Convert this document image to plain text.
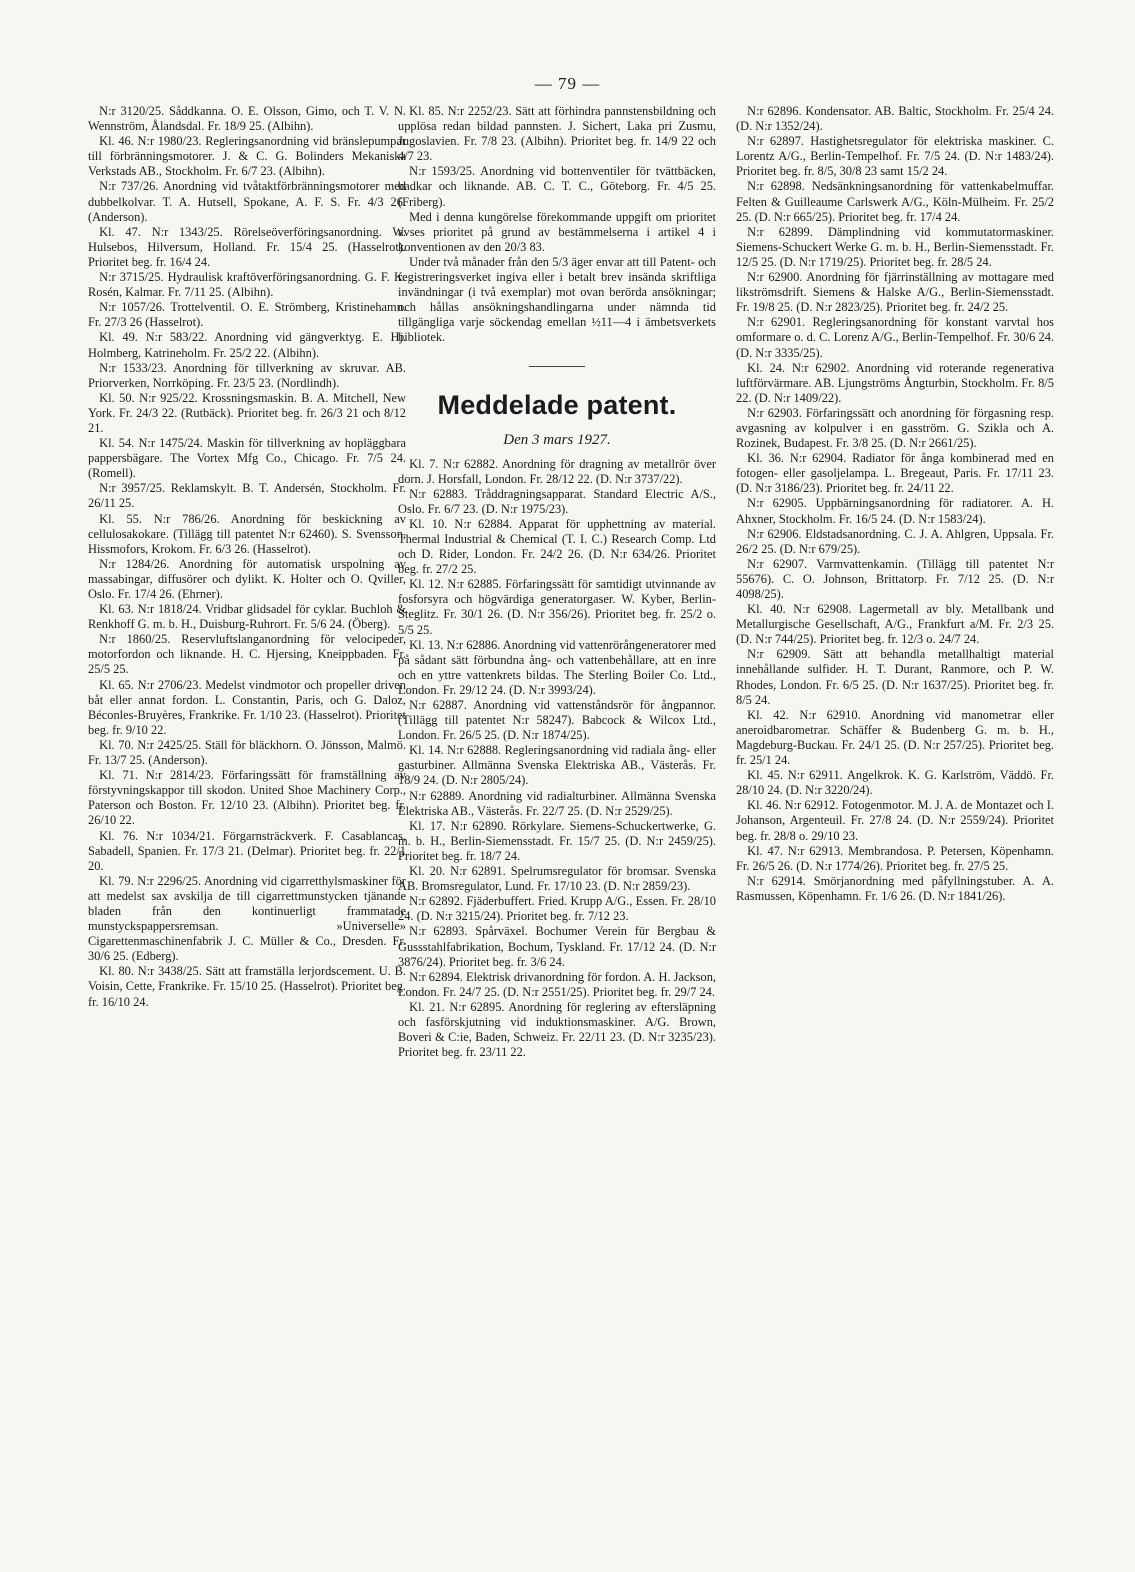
— 79 —

N:r 3120/25. Såddkanna. O. E. Olsson, Gimo, och T. V. N. Wennström, Ålandsdal. Fr. 18/9 25. (Albihn).

Kl. 46. N:r 1980/23. Regleringsanordning vid bränslepumpar till förbränningsmotorer. J. & C. G. Bolinders Mekaniska Verkstads AB., Stockholm. Fr. 6/7 23. (Albihn).

N:r 737/26. Anordning vid tvåtaktförbränningsmotorer med dubbelkolvar. T. A. Hutsell, Spokane, A. F. S. Fr. 4/3 26. (Anderson).

Kl. 47. N:r 1343/25. Rörelseöverföringsanordning. W. Hulsebos, Hilversum, Holland. Fr. 15/4 25. (Hasselrot). Prioritet beg. fr. 16/4 24.

N:r 3715/25. Hydraulisk kraftöverföringsanordning. G. F. K. Rosén, Kalmar. Fr. 7/11 25. (Albihn).

N:r 1057/26. Trottelventil. O. E. Strömberg, Kristinehamn. Fr. 27/3 26 (Hasselrot).

Kl. 49. N:r 583/22. Anordning vid gängverktyg. E. Hj. Holmberg, Katrineholm. Fr. 25/2 22. (Albihn).

N:r 1533/23. Anordning för tillverkning av skruvar. AB. Priorverken, Norrköping. Fr. 23/5 23. (Nordlindh).

Kl. 50. N:r 925/22. Krossningsmaskin. B. A. Mitchell, New York. Fr. 24/3 22. (Rutbäck). Prioritet beg. fr. 26/3 21 och 8/12 21.

Kl. 54. N:r 1475/24. Maskin för tillverkning av hopläggbara pappersbägare. The Vortex Mfg Co., Chicago. Fr. 7/5 24. (Romell).

N:r 3957/25. Reklamskylt. B. T. Andersén, Stockholm. Fr. 26/11 25.

Kl. 55. N:r 786/26. Anordning för beskickning av cellulosakokare. (Tillägg till patentet N:r 62460). S. Svensson, Hissmofors, Krokom. Fr. 6/3 26. (Hasselrot).

N:r 1284/26. Anordning för automatisk urspolning av massabingar, diffusörer och dylikt. K. Holter och O. Qviller, Oslo. Fr. 17/4 26. (Ehrner).

Kl. 63. N:r 1818/24. Vridbar glidsadel för cyklar. Buchloh & Renkhoff G. m. b. H., Duisburg-Ruhrort. Fr. 5/6 24. (Öberg).

N:r 1860/25. Reservluftslanganordning för velocipeder, motorfordon och liknande. H. C. Hjersing, Kneippbaden. Fr. 25/5 25.

Kl. 65. N:r 2706/23. Medelst vindmotor och propeller driven båt eller annat fordon. L. Constantin, Paris, och G. Daloz, Béconles-Bruyères, Frankrike. Fr. 1/10 23. (Hasselrot). Prioritet beg. fr. 9/10 22.

Kl. 70. N:r 2425/25. Ställ för bläckhorn. O. Jönsson, Malmö. Fr. 13/7 25. (Anderson).

Kl. 71. N:r 2814/23. Förfaringssätt för framställning av förstyvningskappor till skodon. United Shoe Machinery Corp., Paterson och Boston. Fr. 12/10 23. (Albihn). Prioritet beg. fr. 26/10 22.

Kl. 76. N:r 1034/21. Förgarnsträckverk. F. Casablancas, Sabadell, Spanien. Fr. 17/3 21. (Delmar). Prioritet beg. fr. 22/1 20.

Kl. 79. N:r 2296/25. Anordning vid cigarretthylsmaskiner för att medelst sax avskilja de till cigarrettmunstycken tjänande bladen från den kontinuerligt frammatade munstyckspappersremsan. »Universelle» Cigarettenmaschinenfabrik J. C. Müller & Co., Dresden. Fr. 30/6 25. (Edberg).

Kl. 80. N:r 3438/25. Sätt att framställa lerjordscement. U. B. Voisin, Cette, Frankrike. Fr. 15/10 25. (Hasselrot). Prioritet beg. fr. 16/10 24.

Kl. 85. N:r 2252/23. Sätt att förhindra pannstensbildning och upplösa redan bildad pannsten. J. Sichert, Laka pri Zusmu, Jugoslavien. Fr. 7/8 23. (Albihn). Prioritet beg. fr. 14/9 22 och 4/7 23.

N:r 1593/25. Anordning vid bottenventiler för tvättbäcken, badkar och liknande. AB. C. T. C., Göteborg. Fr. 4/5 25. (Friberg).

Med i denna kungörelse förekommande uppgift om prioritet avses prioritet på grund av bestämmelserna i artikel 4 i konventionen av den 20/3 83.

Under två månader från den 5/3 äger envar att till Patent- och registreringsverket ingiva eller i betalt brev insända skriftliga invändningar (i två exemplar) mot ovan berörda ansökningar; och hållas ansökningshandlingarna under nämnda tid tillgängliga varje söckendag emellan ½11—4 i ämbetsverkets bibliotek.

Meddelade patent.
Den 3 mars 1927.

Kl. 7. N:r 62882. Anordning för dragning av metallrör över dorn. J. Horsfall, London. Fr. 28/12 22. (D. N:r 3737/22).

N:r 62883. Tråddragningsapparat. Standard Electric A/S., Oslo. Fr. 6/7 23. (D. N:r 1975/23).

Kl. 10. N:r 62884. Apparat för upphettning av material. Thermal Industrial & Chemical (T. I. C.) Research Comp. Ltd och D. Rider, London. Fr. 24/2 26. (D. N:r 634/26. Prioritet beg. fr. 27/2 25.

Kl. 12. N:r 62885. Förfaringssätt för samtidigt utvinnande av fosforsyra och högvärdiga generatorgaser. W. Kyber, Berlin-Steglitz. Fr. 30/1 26. (D. N:r 356/26). Prioritet beg. fr. 25/2 o. 5/5 25.

Kl. 13. N:r 62886. Anordning vid vattenrörångeneratorer med på sådant sätt förbundna ång- och vattenbehållare, att en inre och en yttre vattenkrets bildas. The Sterling Boiler Co. Ltd., London. Fr. 29/12 24. (D. N:r 3993/24).

N:r 62887. Anordning vid vattenståndsrör för ångpannor. (Tillägg till patentet N:r 58247). Babcock & Wilcox Ltd., London. Fr. 26/5 25. (D. N:r 1874/25).

Kl. 14. N:r 62888. Regleringsanordning vid radiala ång- eller gasturbiner. Allmänna Svenska Elektriska AB., Västerås. Fr. 18/9 24. (D. N:r 2805/24).

N:r 62889. Anordning vid radialturbiner. Allmänna Svenska Elektriska AB., Västerås. Fr. 22/7 25. (D. N:r 2529/25).

Kl. 17. N:r 62890. Rörkylare. Siemens-Schuckertwerke, G. m. b. H., Berlin-Siemensstadt. Fr. 15/7 25. (D. N:r 2459/25). Prioritet beg. fr. 18/7 24.

Kl. 20. N:r 62891. Spelrumsregulator för bromsar. Svenska AB. Bromsregulator, Lund. Fr. 17/10 23. (D. N:r 2859/23).

N:r 62892. Fjäderbuffert. Fried. Krupp A/G., Essen. Fr. 28/10 24. (D. N:r 3215/24). Prioritet beg. fr. 7/12 23.

N:r 62893. Spårväxel. Bochumer Verein für Bergbau & Gussstahlfabrikation, Bochum, Tyskland. Fr. 17/12 24. (D. N:r 3876/24). Prioritet beg. fr. 3/6 24.

N:r 62894. Elektrisk drivanordning för fordon. A. H. Jackson, London. Fr. 24/7 25. (D. N:r 2551/25). Prioritet beg. fr. 29/7 24.

Kl. 21. N:r 62895. Anordning för reglering av eftersläpning och fasförskjutning vid induktionsmaskiner. A/G. Brown, Boveri & C:ie, Baden, Schweiz. Fr. 22/11 23. (D. N:r 3235/23). Prioritet beg. fr. 23/11 22.

N:r 62896. Kondensator. AB. Baltic, Stockholm. Fr. 25/4 24. (D. N:r 1352/24).

N:r 62897. Hastighetsregulator för elektriska maskiner. C. Lorentz A/G., Berlin-Tempelhof. Fr. 7/5 24. (D. N:r 1483/24). Prioritet beg. fr. 8/5, 30/8 23 samt 15/2 24.

N:r 62898. Nedsänkningsanordning för vattenkabelmuffar. Felten & Guilleaume Carlswerk A/G., Köln-Mülheim. Fr. 25/2 25. (D. N:r 665/25). Prioritet beg. fr. 17/4 24.

N:r 62899. Dämplindning vid kommutatormaskiner. Siemens-Schuckert Werke G. m. b. H., Berlin-Siemensstadt. Fr. 12/5 25. (D. N:r 1719/25). Prioritet beg. fr. 28/5 24.

N:r 62900. Anordning för fjärrinställning av mottagare med likströmsdrift. Siemens & Halske A/G., Berlin-Siemensstadt. Fr. 19/8 25. (D. N:r 2823/25). Prioritet beg. fr. 24/2 25.

N:r 62901. Regleringsanordning för konstant varvtal hos omformare o. d. C. Lorenz A/G., Berlin-Tempelhof. Fr. 30/6 24. (D. N:r 3335/25).

Kl. 24. N:r 62902. Anordning vid roterande regenerativa luftförvärmare. AB. Ljungströms Ångturbin, Stockholm. Fr. 8/5 22. (D. N:r 1409/22).

N:r 62903. Förfaringssätt och anordning för förgasning resp. avgasning av kolpulver i en gasström. G. Szikla och A. Rozinek, Budapest. Fr. 3/8 25. (D. N:r 2661/25).

Kl. 36. N:r 62904. Radiator för ånga kombinerad med en fotogen- eller gasoljelampa. L. Bregeaut, Paris. Fr. 17/11 23. (D. N:r 3186/23). Prioritet beg. fr. 24/11 22.

N:r 62905. Uppbärningsanordning för radiatorer. A. H. Ahxner, Stockholm. Fr. 16/5 24. (D. N:r 1583/24).

N:r 62906. Eldstadsanordning. C. J. A. Ahlgren, Uppsala. Fr. 26/2 25. (D. N:r 679/25).

N:r 62907. Varmvattenkamin. (Tillägg till patentet N:r 55676). C. O. Johnson, Brittatorp. Fr. 7/12 25. (D. N:r 4098/25).

Kl. 40. N:r 62908. Lagermetall av bly. Metallbank und Metallurgische Gesellschaft, A/G., Frankfurt a/M. Fr. 2/3 25. (D. N:r 744/25). Prioritet beg. fr. 12/3 o. 24/7 24.

N:r 62909. Sätt att behandla metallhaltigt material innehållande sulfider. H. T. Durant, Ranmore, och P. W. Rhodes, London. Fr. 6/5 25. (D. N:r 1637/25). Prioritet beg. fr. 8/5 24.

Kl. 42. N:r 62910. Anordning vid manometrar eller aneroidbarometrar. Schäffer & Budenberg G. m. b. H., Magdeburg-Buckau. Fr. 24/1 25. (D. N:r 257/25). Prioritet beg. fr. 25/1 24.

Kl. 45. N:r 62911. Angelkrok. K. G. Karlström, Väddö. Fr. 28/10 24. (D. N:r 3220/24).

Kl. 46. N:r 62912. Fotogenmotor. M. J. A. de Montazet och I. Johanson, Argenteuil. Fr. 27/8 24. (D. N:r 2559/24). Prioritet beg. fr. 28/8 o. 29/10 23.

Kl. 47. N:r 62913. Membrandosa. P. Petersen, Köpenhamn. Fr. 26/5 26. (D. N:r 1774/26). Prioritet beg. fr. 27/5 25.

N:r 62914. Smörjanordning med påfyllningstuber. A. A. Rasmussen, Köpenhamn. Fr. 1/6 26. (D. N:r 1841/26).
